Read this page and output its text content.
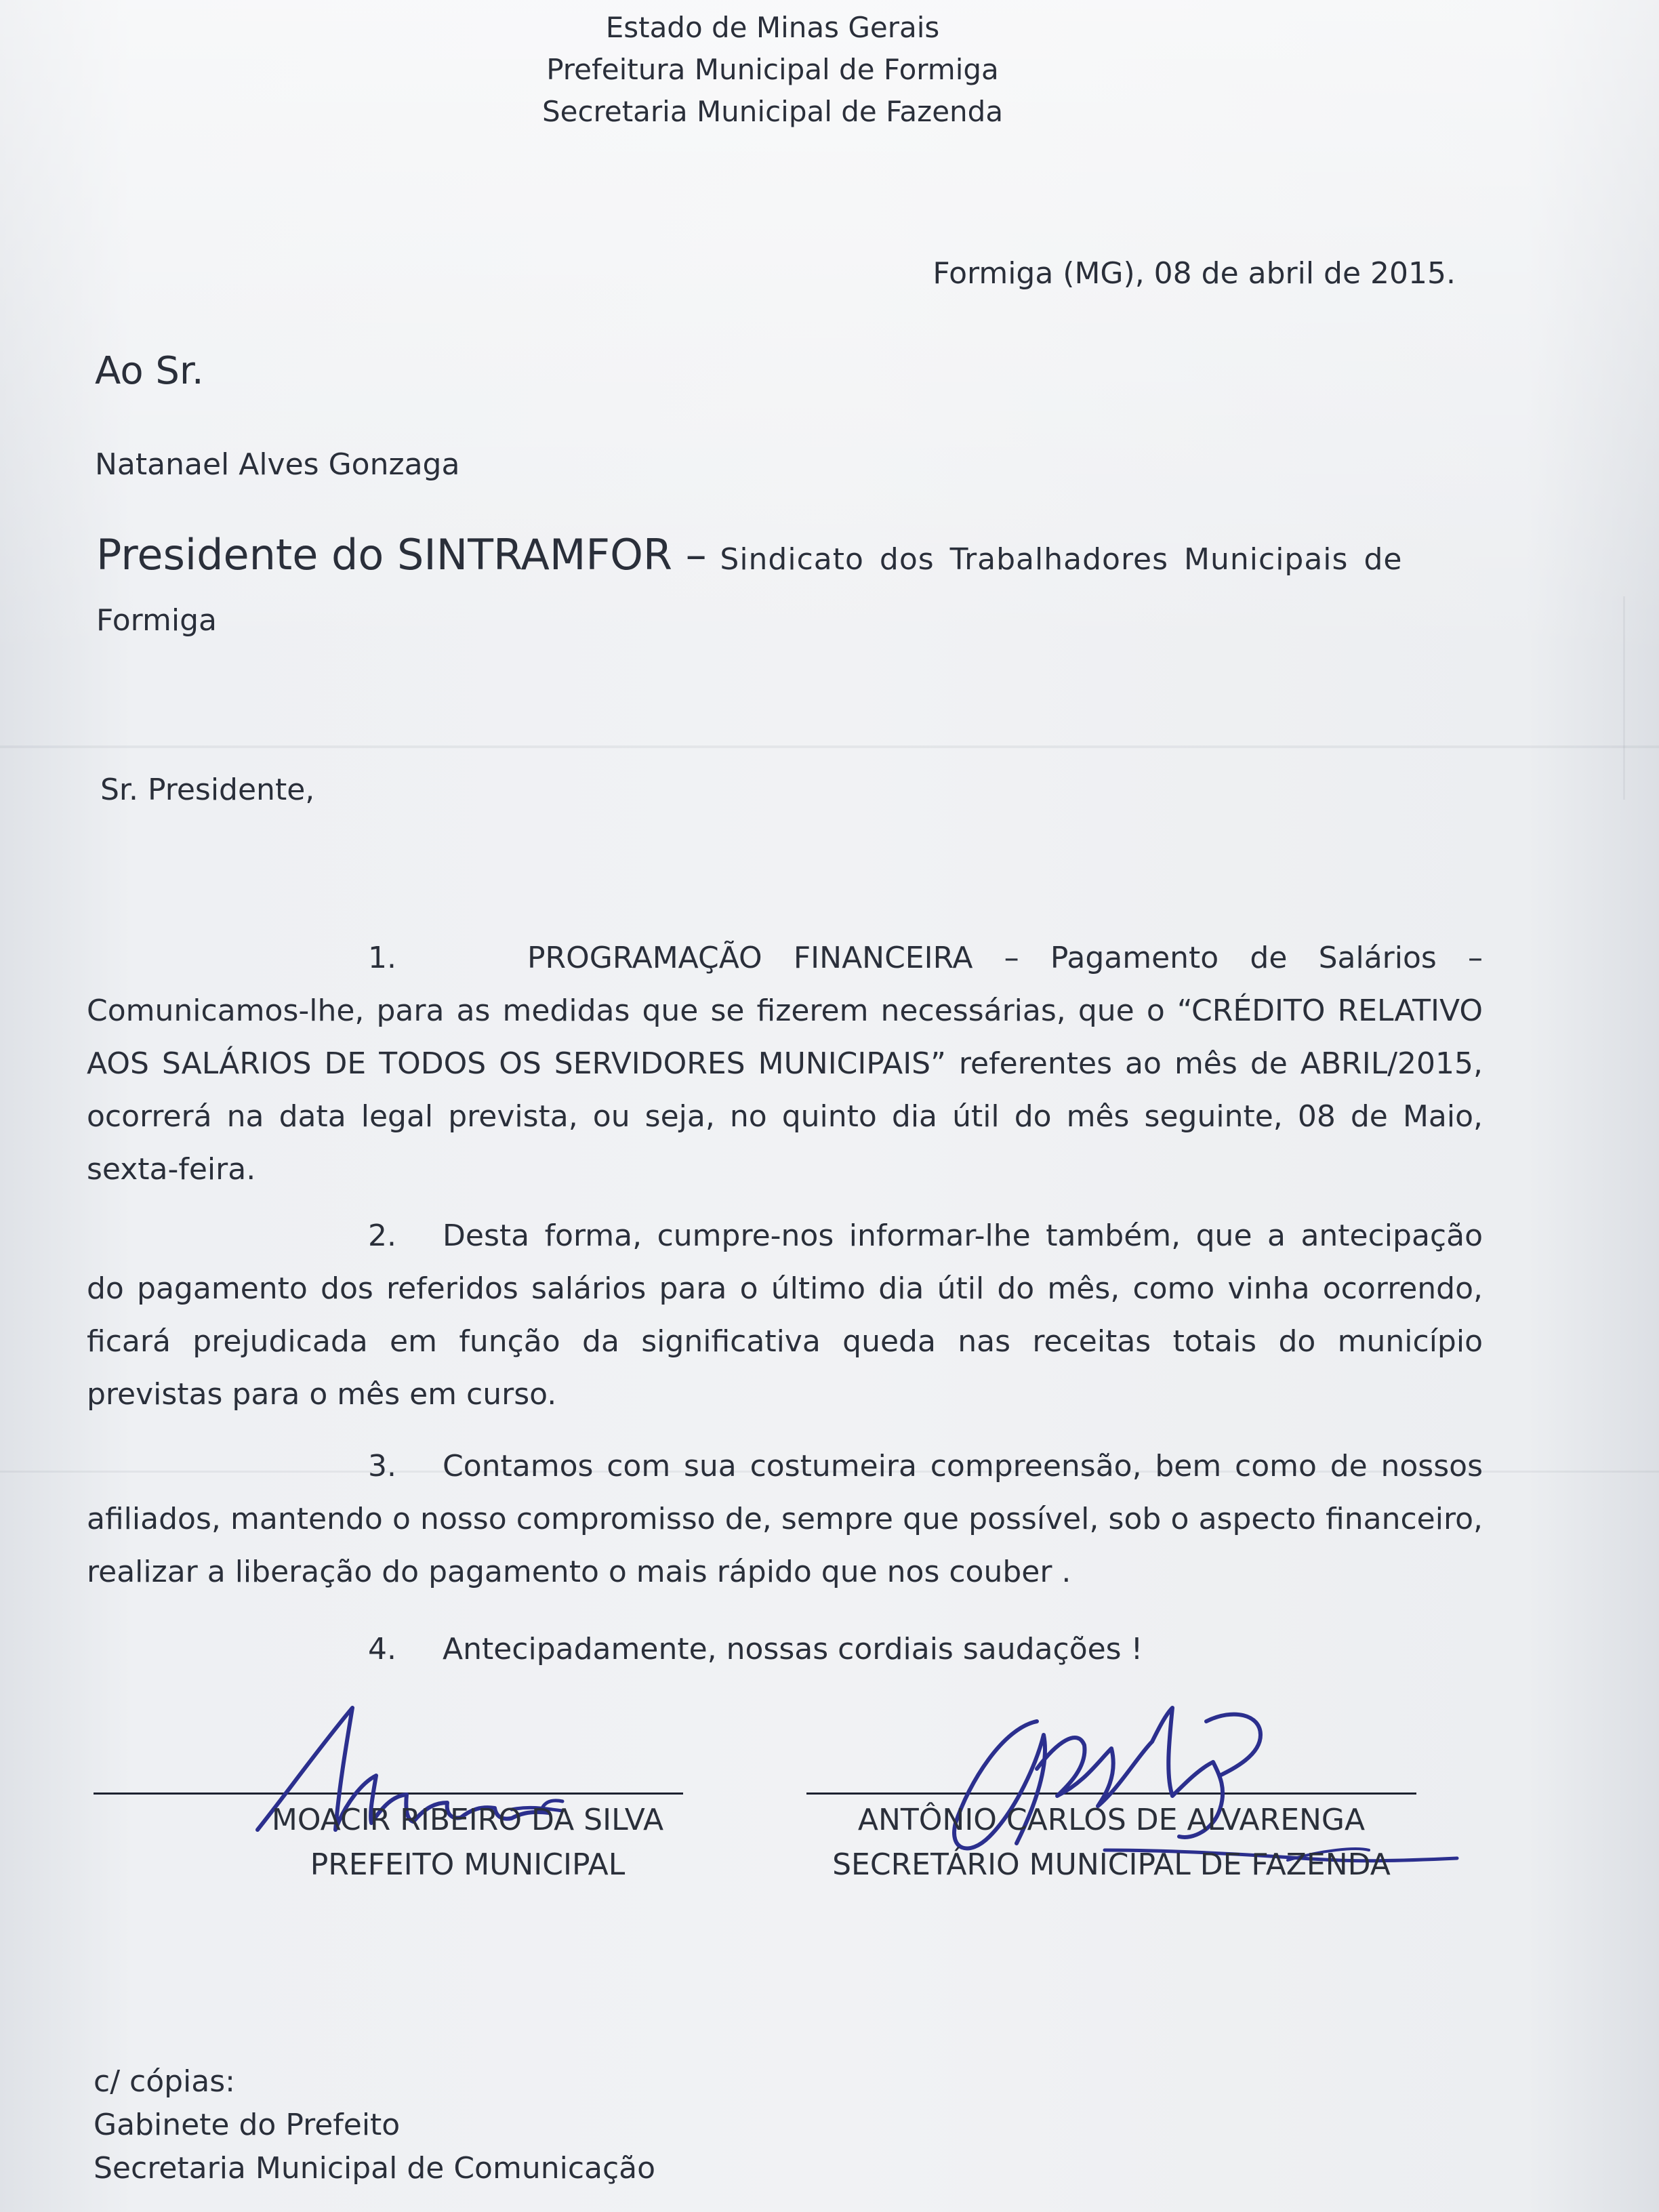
Estado de Minas Gerais
Prefeitura Municipal de Formiga
Secretaria Municipal de Fazenda
Formiga (MG), 08 de abril de 2015.
Ao Sr.
Natanael Alves Gonzaga
Presidente do SINTRAMFOR – Sindicato dos Trabalhadores Municipais de
Formiga
Sr. Presidente,
1.	PROGRAMAÇÃO FINANCEIRA – Pagamento de Salários – Comunicamos-lhe, para as medidas que se fizerem necessárias, que o “CRÉDITO RELATIVO AOS SALÁRIOS DE TODOS OS SERVIDORES MUNICIPAIS” referentes ao mês de ABRIL/2015, ocorrerá na data legal prevista, ou seja, no quinto dia útil do mês seguinte, 08 de Maio, sexta-feira.
2. Desta forma, cumpre-nos informar-lhe também, que a antecipação do pagamento dos referidos salários para o último dia útil do mês, como vinha ocorrendo, ficará prejudicada em função da significativa queda nas receitas totais do município previstas para o mês em curso.
3. Contamos com sua costumeira compreensão, bem como de nossos afiliados, mantendo o nosso compromisso de, sempre que possível, sob o aspecto financeiro, realizar a liberação do pagamento o mais rápido que nos couber .
4. Antecipadamente, nossas cordiais saudações !
MOACIR RIBEIRO DA SILVA
PREFEITO MUNICIPAL
ANTÔNIO CARLOS DE ALVARENGA
SECRETÁRIO MUNICIPAL DE FAZENDA
c/ cópias:
Gabinete do Prefeito
Secretaria Municipal de Comunicação
